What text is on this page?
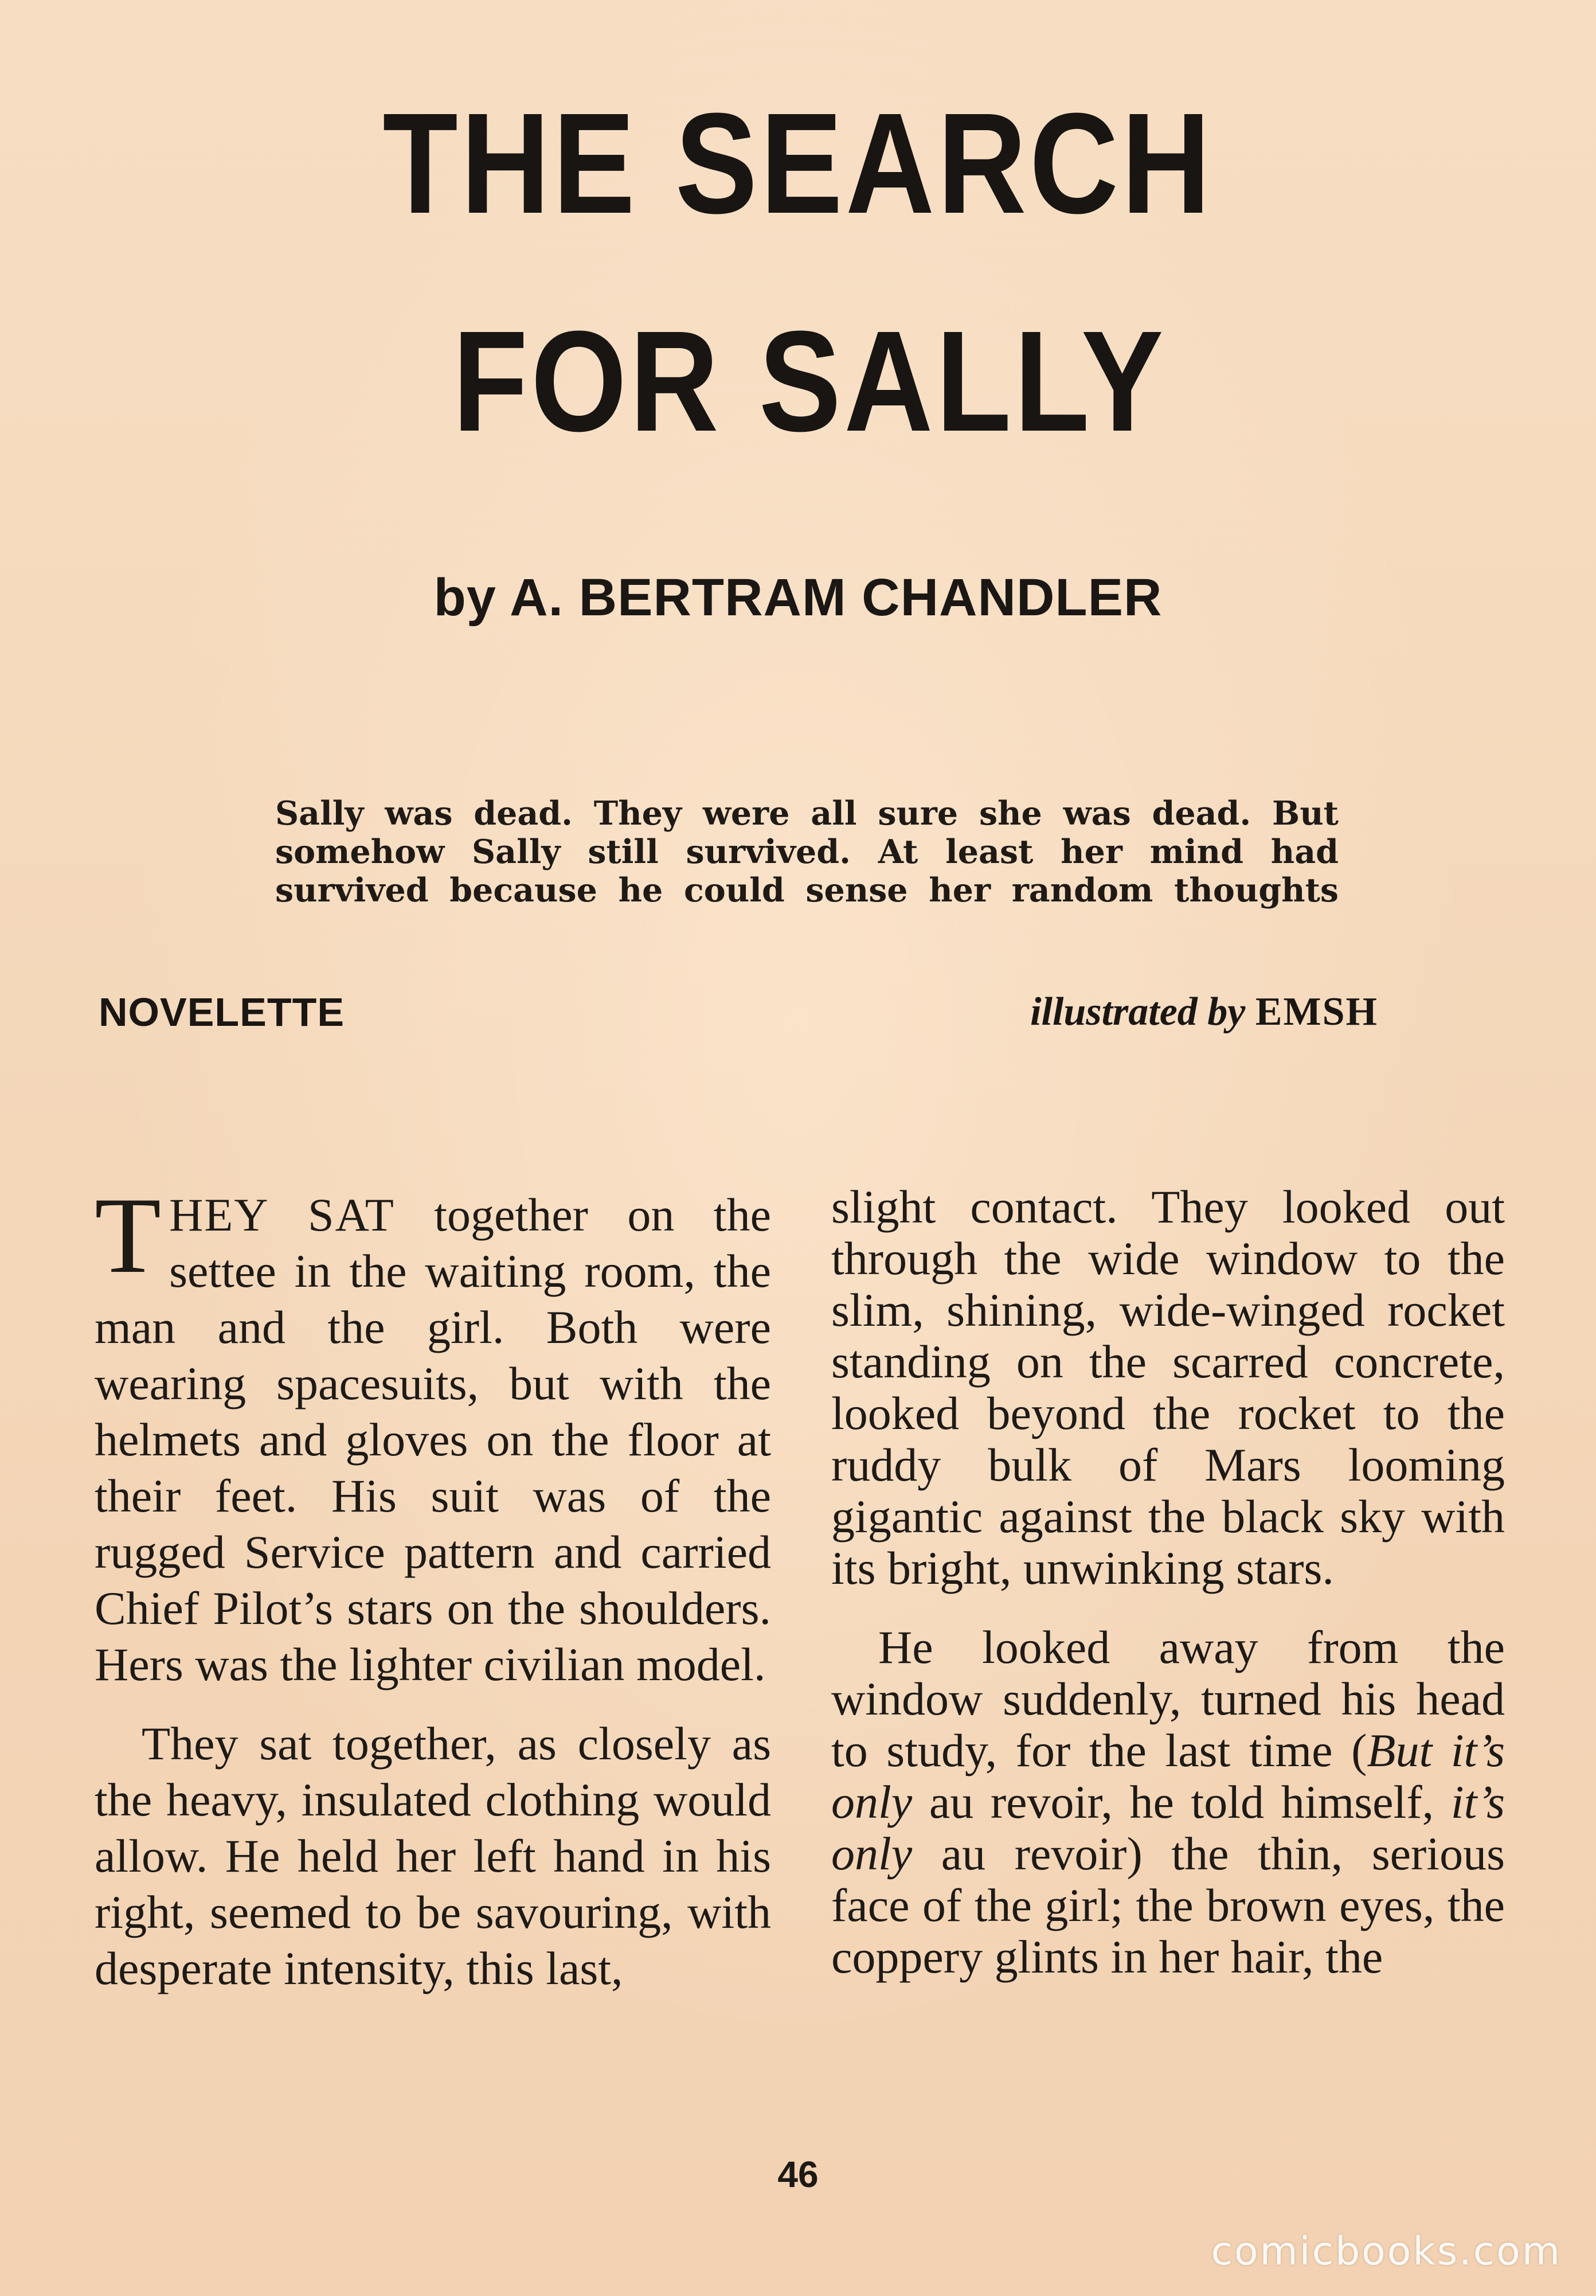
THE SEARCH
FOR SALLY
by A. BERTRAM CHANDLER

Sally was dead. They were all sure she was dead. But somehow Sally still survived. At least her mind had survived because he could sense her random thoughts

NOVELETTE	illustrated by EMSH

THEY SAT together on the settee in the waiting room, the man and the girl. Both were wearing spacesuits, but with the helmets and gloves on the floor at their feet. His suit was of the rugged Service pattern and carried Chief Pilot’s stars on the shoulders. Hers was the lighter civilian model.

They sat together, as closely as the heavy, insulated clothing would allow. He held her left hand in his right, seemed to be savouring, with desperate intensity, this last,

slight contact. They looked out through the wide window to the slim, shining, wide-winged rocket standing on the scarred concrete, looked beyond the rocket to the ruddy bulk of Mars looming gigantic against the black sky with its bright, unwinking stars.

He looked away from the window suddenly, turned his head to study, for the last time (But it’s only au revoir, he told himself, it’s only au revoir) the thin, serious face of the girl; the brown eyes, the coppery glints in her hair, the

46
comicbooks.com
